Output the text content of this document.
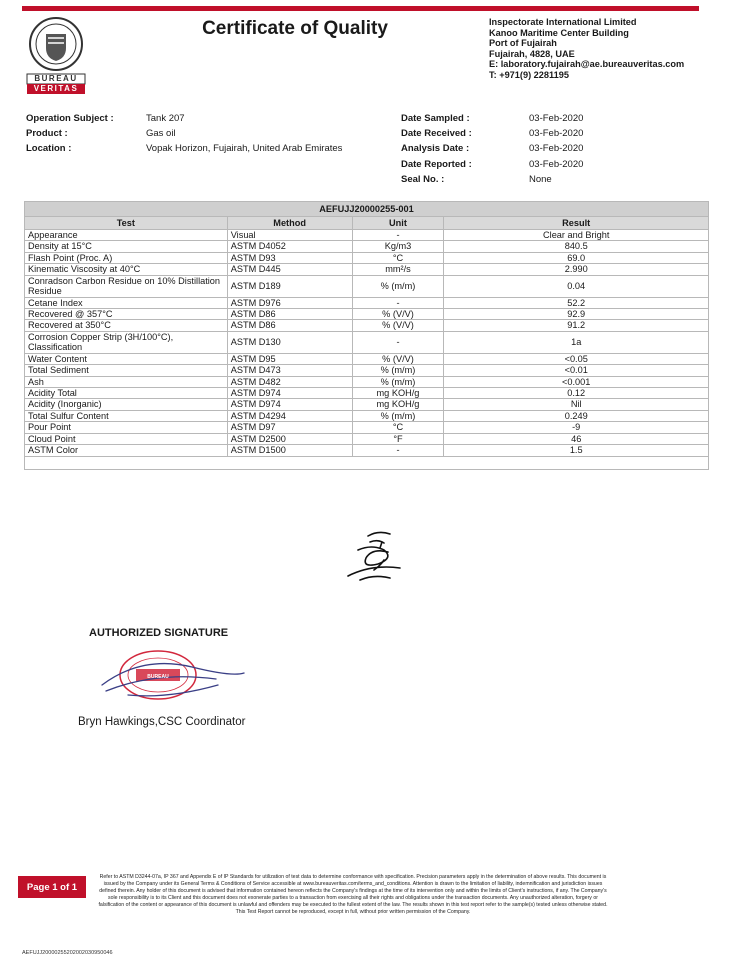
BUREAU
VERITAS
Certificate of Quality	Inspectorate International Limited
Kanoo Maritime Center Building
Port of Fujairah
Fujairah, 4828, UAE
E: laboratory.fujairah@ae.bureauveritas.com
T: +971(9) 2281195
Operation Subject :	Tank 207
Product :	Gas oil
Location :	Vopak Horizon, Fujairah, United Arab Emirates
Date Sampled :	03-Feb-2020
Date Received :	03-Feb-2020
Analysis Date :	03-Feb-2020
Date Reported :	03-Feb-2020
Seal No. :	None
AEFUJJ20000255-001			
Test	Method	Unit	Result
Appearance	Visual	-	Clear and Bright
Density at 15°C	ASTM D4052	Kg/m3	840.5
Flash Point (Proc. A)	ASTM D93	°C	69.0
Kinematic Viscosity at 40°C	ASTM D445	mm²/s	2.990
Conradson Carbon Residue on 10% Distillation Residue	ASTM D189	% (m/m)	0.04
Cetane Index	ASTM D976	-	52.2
Recovered @ 357°C	ASTM D86	% (V/V)	92.9
Recovered at 350°C	ASTM D86	% (V/V)	91.2
Corrosion Copper Strip (3H/100°C), Classification	ASTM D130	-	1a
Water Content	ASTM D95	% (V/V)	<0.05
Total Sediment	ASTM D473	% (m/m)	<0.01
Ash	ASTM D482	% (m/m)	<0.001
Acidity Total	ASTM D974	mg KOH/g	0.12
Acidity (Inorganic)	ASTM D974	mg KOH/g	Nil
Total Sulfur Content	ASTM D4294	% (m/m)	0.249
Pour Point	ASTM D97	°C	-9
Cloud Point	ASTM D2500	°F	46
ASTM Color	ASTM D1500	-	1.5

AUTHORIZED SIGNATURE
BUREAU VERITAS
Bryn Hawkings,CSC Coordinator
Page 1 of 1
Refer to ASTM D3244-07a, IP 367 and Appendix E of IP Standards for utilization of test data to determine conformance with specification. Precision parameters apply in the determination of above results. This document is issued by the Company under its General Terms & Conditions of Service accessible at www.bureauveritas.com/terms_and_conditions. Attention is drawn to the limitation of liability, indemnification and jurisdiction issues defined therein. Any holder of this document is advised that information contained hereon reflects the Company's findings at the time of its intervention only and within the limits of Client's instructions, if any. The Company's sole responsibility is to its Client and this document does not exonerate parties to a transaction from exercising all their rights and obligations under the transaction documents. Any unauthorized alteration, forgery or falsification of the content or appearance of this document is unlawful and offenders may be executed to the fullest extent of the law. The results shown in this test report refer to the sample(s) tested unless otherwise stated. This Test Report cannot be reproduced, except in full, without prior written permission of the Company.
AEFUJJ20000255202002030950046
